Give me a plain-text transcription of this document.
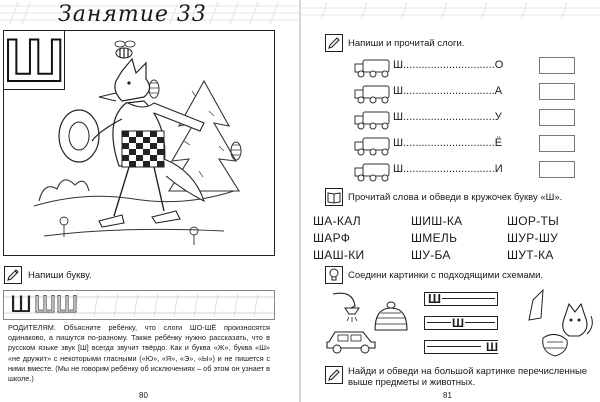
Занятие 33
Ш
Напиши букву.
Ш Ш Ш
РОДИТЕЛЯМ. Объясните ребёнку, что слоги ШО-ШЁ произносятся одинаково, а пишутся по-разному. Также ребёнку нужно рассказать, что в русском языке звук [Ш] всегда звучит твёрдо. Как и буква «Ж», буква «Ш» «не дружит» с некоторыми гласными («Ю», «Я», «Э», «Ы») и не пишется с ними вместе. (Мы не говорим ребёнку об исключениях – об этом он узнает в школе.)
80
Напиши и прочитай слоги.
Ш..............................О
Ш..............................А
Ш..............................У
Ш..............................Ё
Ш..............................И
Прочитай слова и обведи в кружочек букву «Ш».
ША-КАЛ	ШИШ-КА	ШОР-ТЫ
ШАРФ	ШМЕЛЬ	ШУР-ШУ
ШАШ-КИ	ШУ-БА	ШУТ-КА
Соедини картинки с подходящими схемами.
Ш
Ш
Ш
Найди и обведи на большой картинке перечисленные выше предметы и животных.
81
